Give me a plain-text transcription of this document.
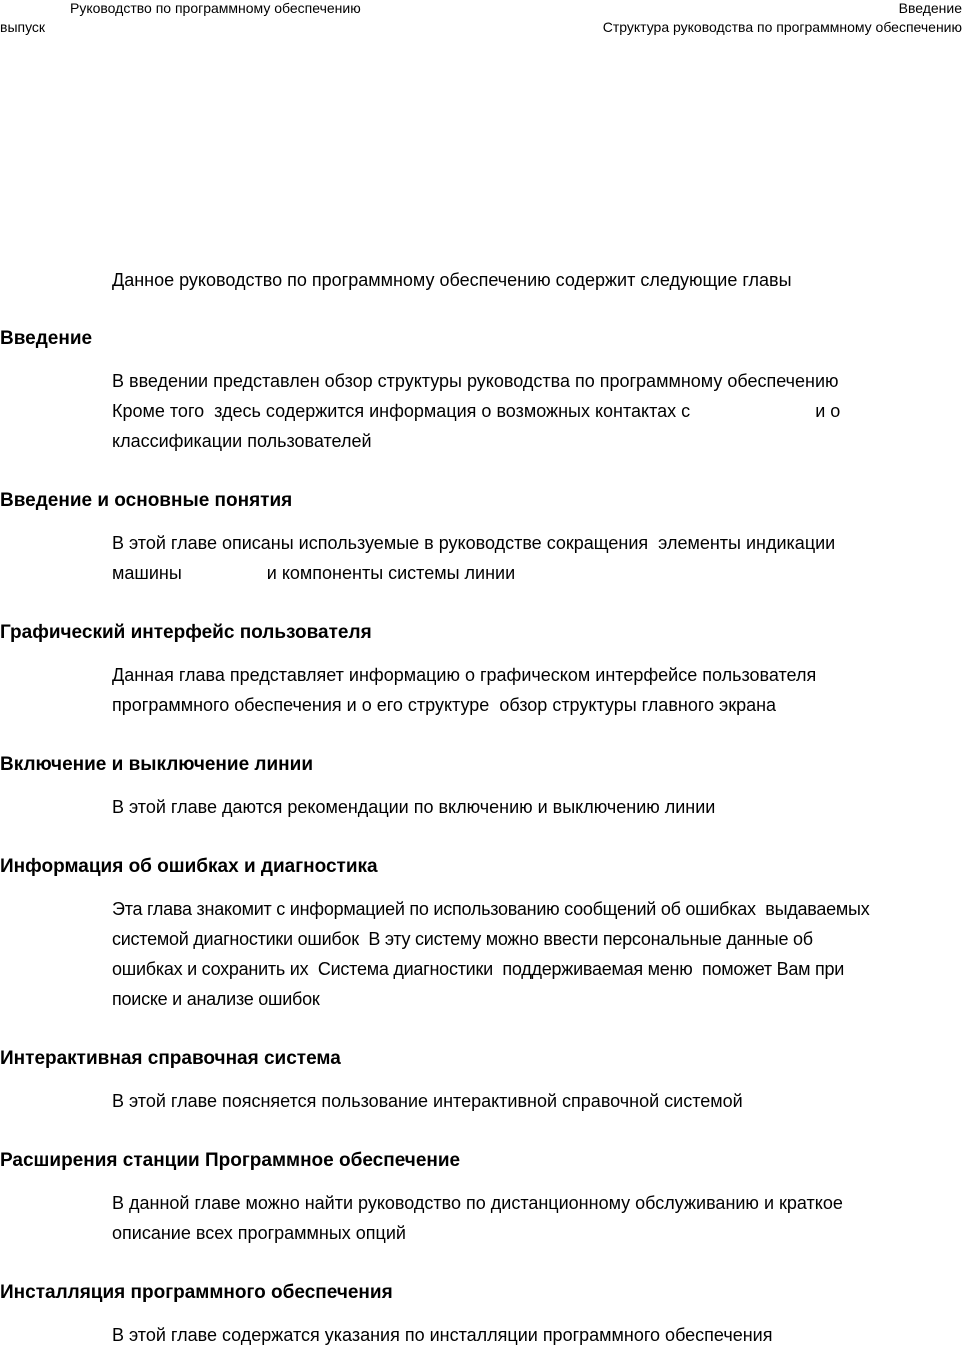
Руководство по программному обеспечению	Введение
выпуск	Структура руководства по программному обеспечению
Данное руководство по программному обеспечению содержит следующие главы
Введение
В введении представлен обзор структуры руководства по программному обеспечению
Кроме того  здесь содержится информация о возможных контактах с                         и о
классификации пользователей
Введение и основные понятия
В этой главе описаны используемые в руководстве сокращения  элементы индикации
машины                 и компоненты системы линии
Графический интерфейс пользователя
Данная глава представляет информацию о графическом интерфейсе пользователя
программного обеспечения и о его структуре  обзор структуры главного экрана
Включение и выключение линии
В этой главе даются рекомендации по включению и выключению линии
Информация об ошибках и диагностика
Эта глава знакомит с информацией по использованию сообщений об ошибках  выдаваемых
системой диагностики ошибок  В эту систему можно ввести персональные данные об
ошибках и сохранить их  Система диагностики  поддерживаемая меню  поможет Вам при
поиске и анализе ошибок
Интерактивная справочная система
В этой главе поясняется пользование интерактивной справочной системой
Расширения станции Программное обеспечение
В данной главе можно найти руководство по дистанционному обслуживанию и краткое
описание всех программных опций
Инсталляция программного обеспечения
В этой главе содержатся указания по инсталляции программного обеспечения
